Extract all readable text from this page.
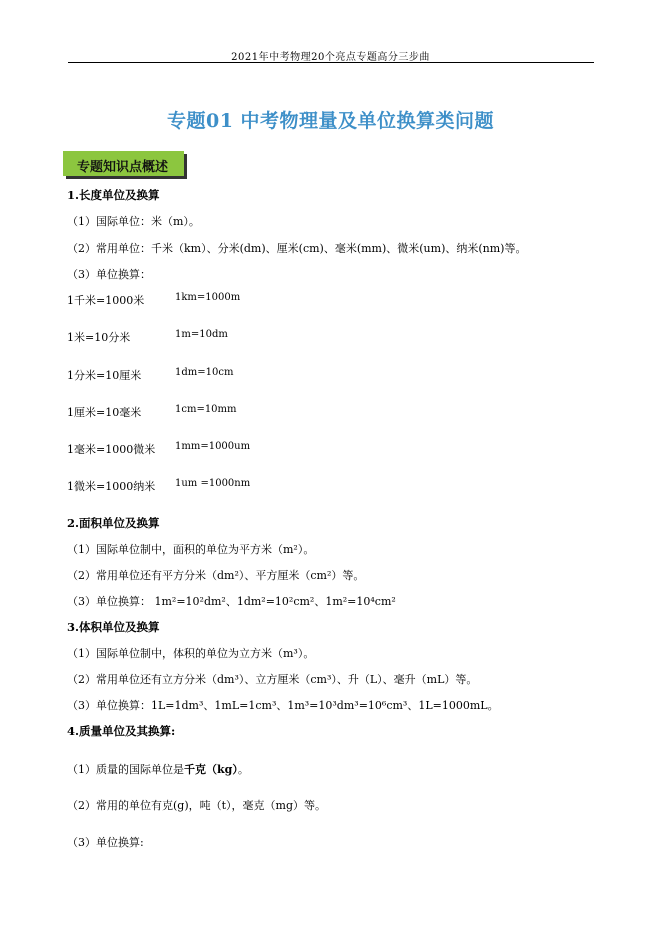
2021年中考物理20个亮点专题高分三步曲
专题01 中考物理量及单位换算类问题
专题知识点概述
1.长度单位及换算
（1）国际单位：米（m）。
（2）常用单位：千米（km）、分米(dm)、厘米(cm)、毫米(mm)、微米(um)、纳米(nm)等。
（3）单位换算：
1千米=1000米	1km=1000m
1米=10分米	1m=10dm
1分米=10厘米	1dm=10cm
1厘米=10毫米	1cm=10mm
1毫米=1000微米 1mm=1000um
1微米=1000纳米 1um =1000nm
2.面积单位及换算
（1）国际单位制中，面积的单位为平方米（m²）。
（2）常用单位还有平方分米（dm²）、平方厘米（cm²）等。
（3）单位换算： 1m²=10²dm²、1dm²=10²cm²、1m²=10⁴cm²
3.体积单位及换算
（1）国际单位制中，体积的单位为立方米（m³）。
（2）常用单位还有立方分米（dm³）、立方厘米（cm³）、升（L）、毫升（mL）等。
（3）单位换算：1L=1dm³、1mL=1cm³、1m³=10³dm³=10⁶cm³、1L=1000mL。
4.质量单位及其换算:
（1）质量的国际单位是千克（kg）。
（2）常用的单位有克(g)，吨（t），毫克（mg）等。
（3）单位换算:
